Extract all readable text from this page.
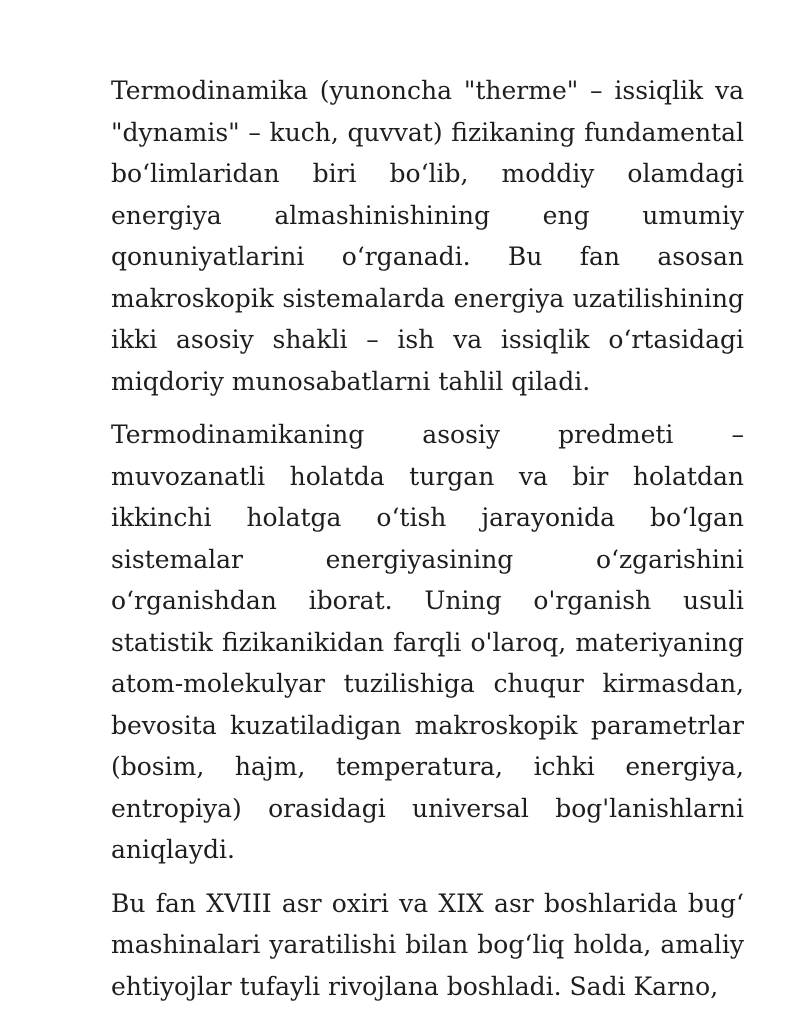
Termodinamika (yunoncha "therme" – issiqlik va "dynamis" – kuch, quvvat) fizikaning fundamental boʻlimlaridan biri boʻlib, moddiy olamdagi energiya almashinishining eng umumiy qonuniyatlarini oʻrganadi. Bu fan asosan makroskopik sistemalarda energiya uzatilishining ikki asosiy shakli – ish va issiqlik oʻrtasidagi miqdoriy munosabatlarni tahlil qiladi.

Termodinamikaning asosiy predmeti – muvozanatli holatda turgan va bir holatdan ikkinchi holatga oʻtish jarayonida boʻlgan sistemalar energiyasining oʻzgarishini oʻrganishdan iborat. Uning o'rganish usuli statistik fizikanikidan farqli o'laroq, materiyaning atom-molekulyar tuzilishiga chuqur kirmasdan, bevosita kuzatiladigan makroskopik parametrlar (bosim, hajm, temperatura, ichki energiya, entropiya) orasidagi universal bog'lanishlarni aniqlaydi.

Bu fan XVIII asr oxiri va XIX asr boshlarida bugʻ mashinalari yaratilishi bilan bogʻliq holda, amaliy ehtiyojlar tufayli rivojlana boshladi. Sadi Karno,
